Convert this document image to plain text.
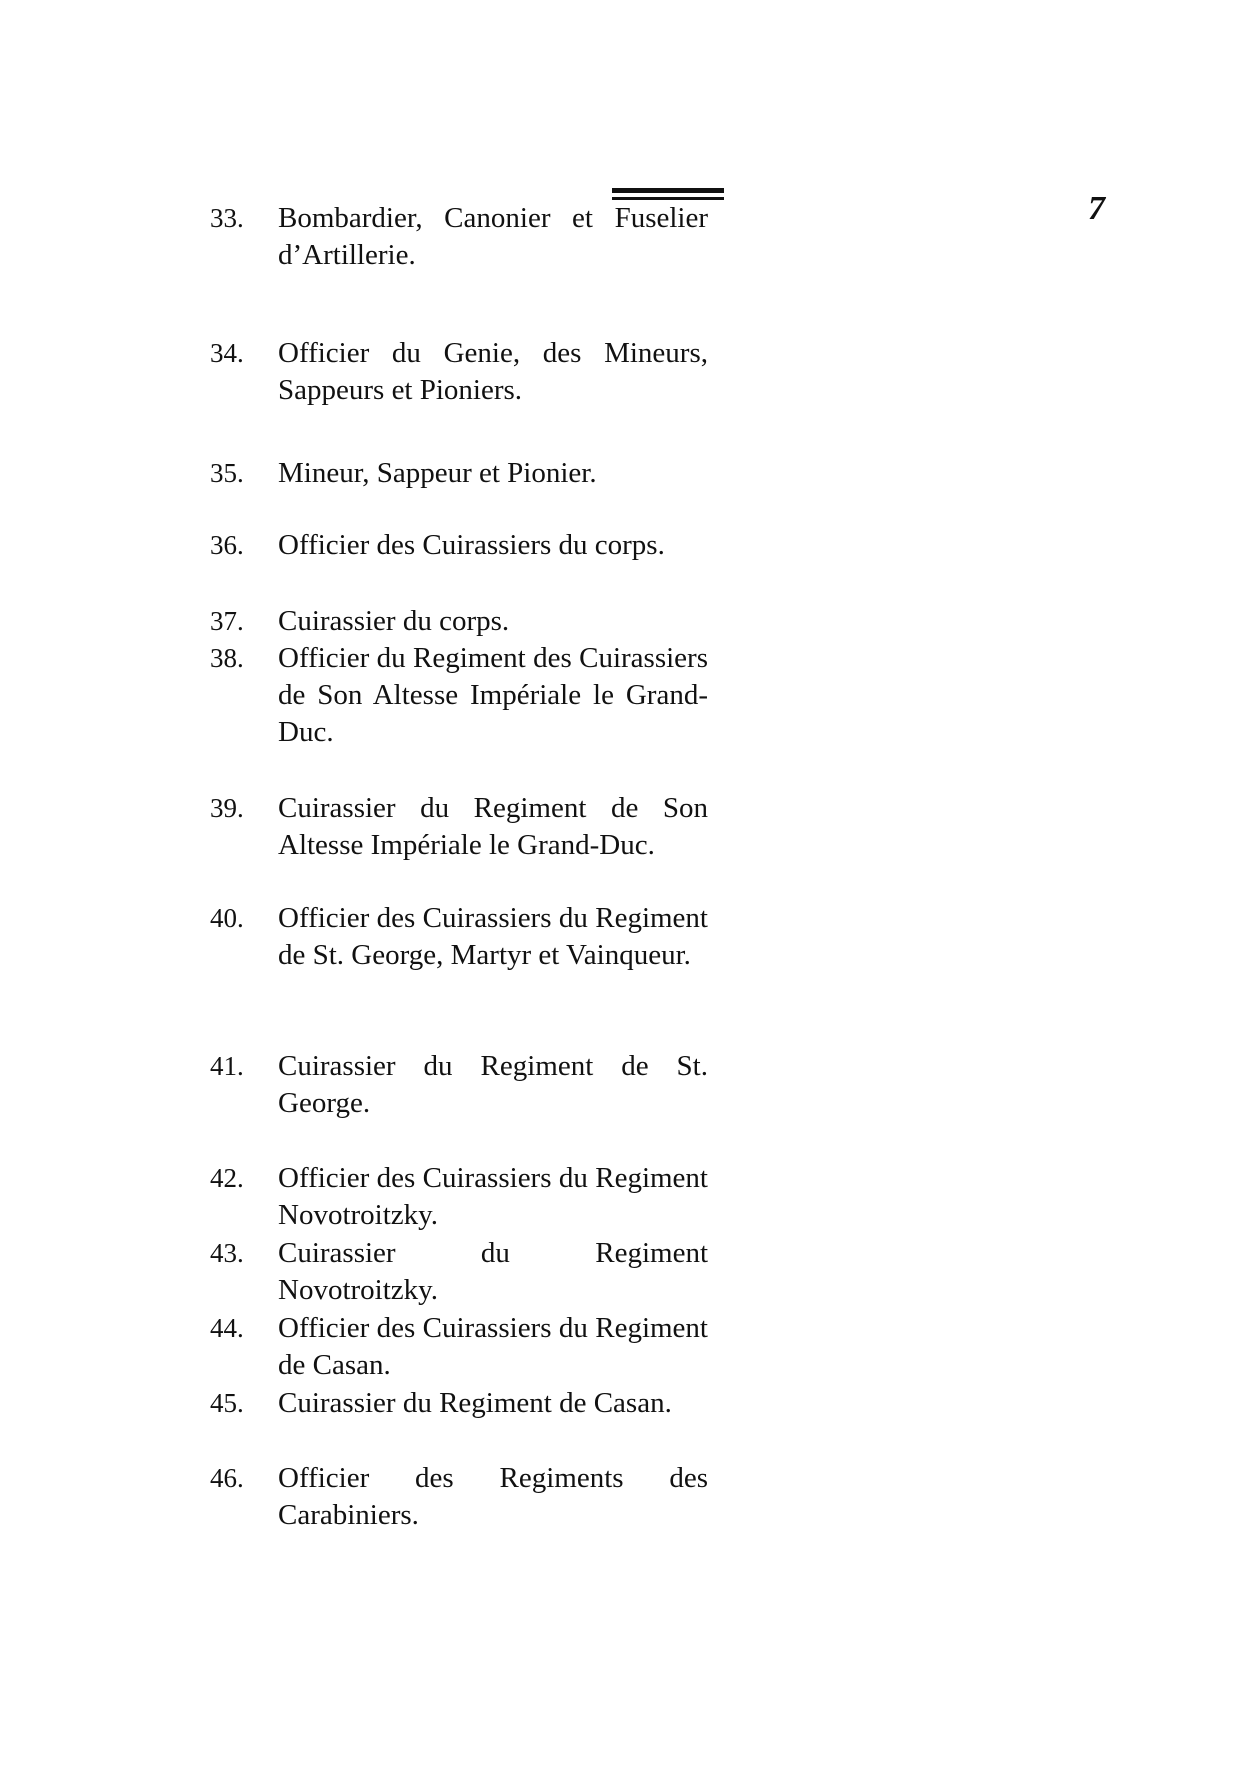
7
33.	Bombardier, Canonier et Fuselier d’Artillerie.
34.	Officier du Genie, des Mineurs, Sappeurs et Pioniers.
35.	Mineur, Sappeur et Pionier.
36.	Officier des Cuirassiers du corps.
37.	Cuirassier du corps.
38.	Officier du Regiment des Cuirassiers de Son Altesse Impériale le Grand-Duc.
39.	Cuirassier du Regiment de Son Altesse Impériale le Grand-Duc.
40.	Officier des Cuirassiers du Regiment de St. George, Martyr et Vainqueur.
41.	Cuirassier du Regiment de St. George.
42.	Officier des Cuirassiers du Regiment Novotroitzky.
43.	Cuirassier du Regiment Novotroitzky.
44.	Officier des Cuirassiers du Regiment de Casan.
45.	Cuirassier du Regiment de Casan.
46.	Officier des Regiments des Carabiniers.
